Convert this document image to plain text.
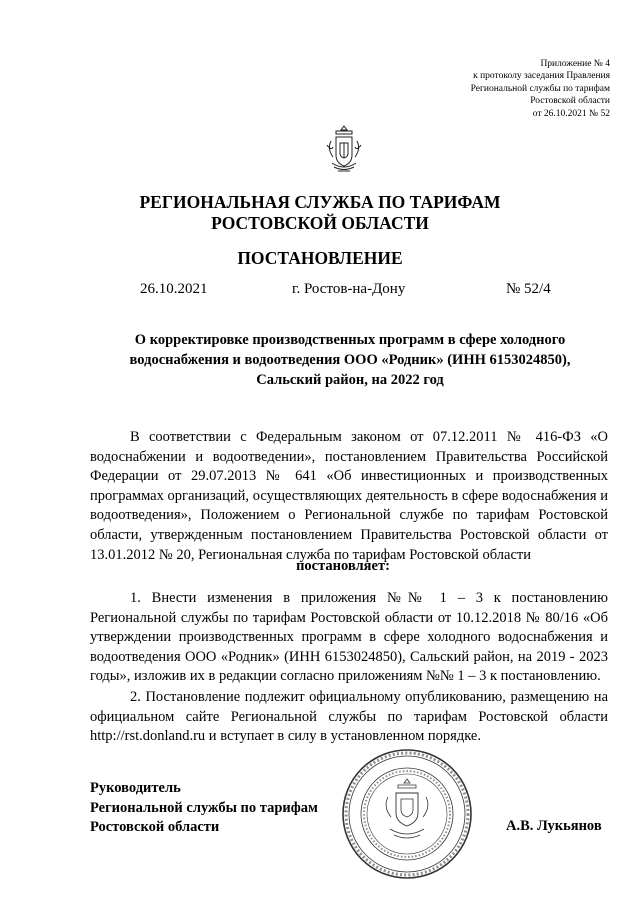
Приложение № 4
к протоколу заседания Правления
Региональной службы по тарифам
Ростовской области
от 26.10.2021 № 52
РЕГИОНАЛЬНАЯ СЛУЖБА ПО ТАРИФАМ
РОСТОВСКОЙ ОБЛАСТИ
ПОСТАНОВЛЕНИЕ
26.10.2021	г. Ростов-на-Дону	№ 52/4
О корректировке производственных программ в сфере холодного
водоснабжения и водоотведения ООО «Родник» (ИНН 6153024850),
Сальский район, на 2022 год
В соответствии с Федеральным законом от 07.12.2011 № 416-ФЗ «О водоснабжении и водоотведении», постановлением Правительства Российской Федерации от 29.07.2013 № 641 «Об инвестиционных и производственных программах организаций, осуществляющих деятельность в сфере водоснабжения и водоотведения», Положением о Региональной службе по тарифам Ростовской области, утвержденным постановлением Правительства Ростовской области от 13.01.2012 № 20, Региональная служба по тарифам Ростовской области
постановляет:
1. Внести изменения в приложения №№ 1 – 3 к постановлению Региональной службы по тарифам Ростовской области от 10.12.2018 № 80/16 «Об утверждении производственных программ в сфере холодного водоснабжения и водоотведения ООО «Родник» (ИНН 6153024850), Сальский район, на 2019 - 2023 годы», изложив их в редакции согласно приложениям №№ 1 – 3 к постановлению.
2. Постановление подлежит официальному опубликованию, размещению на официальном сайте Региональной службы по тарифам Ростовской области http://rst.donland.ru и вступает в силу в установленном порядке.
Руководитель
Региональной службы по тарифам
Ростовской области	А.В. Лукьянов
